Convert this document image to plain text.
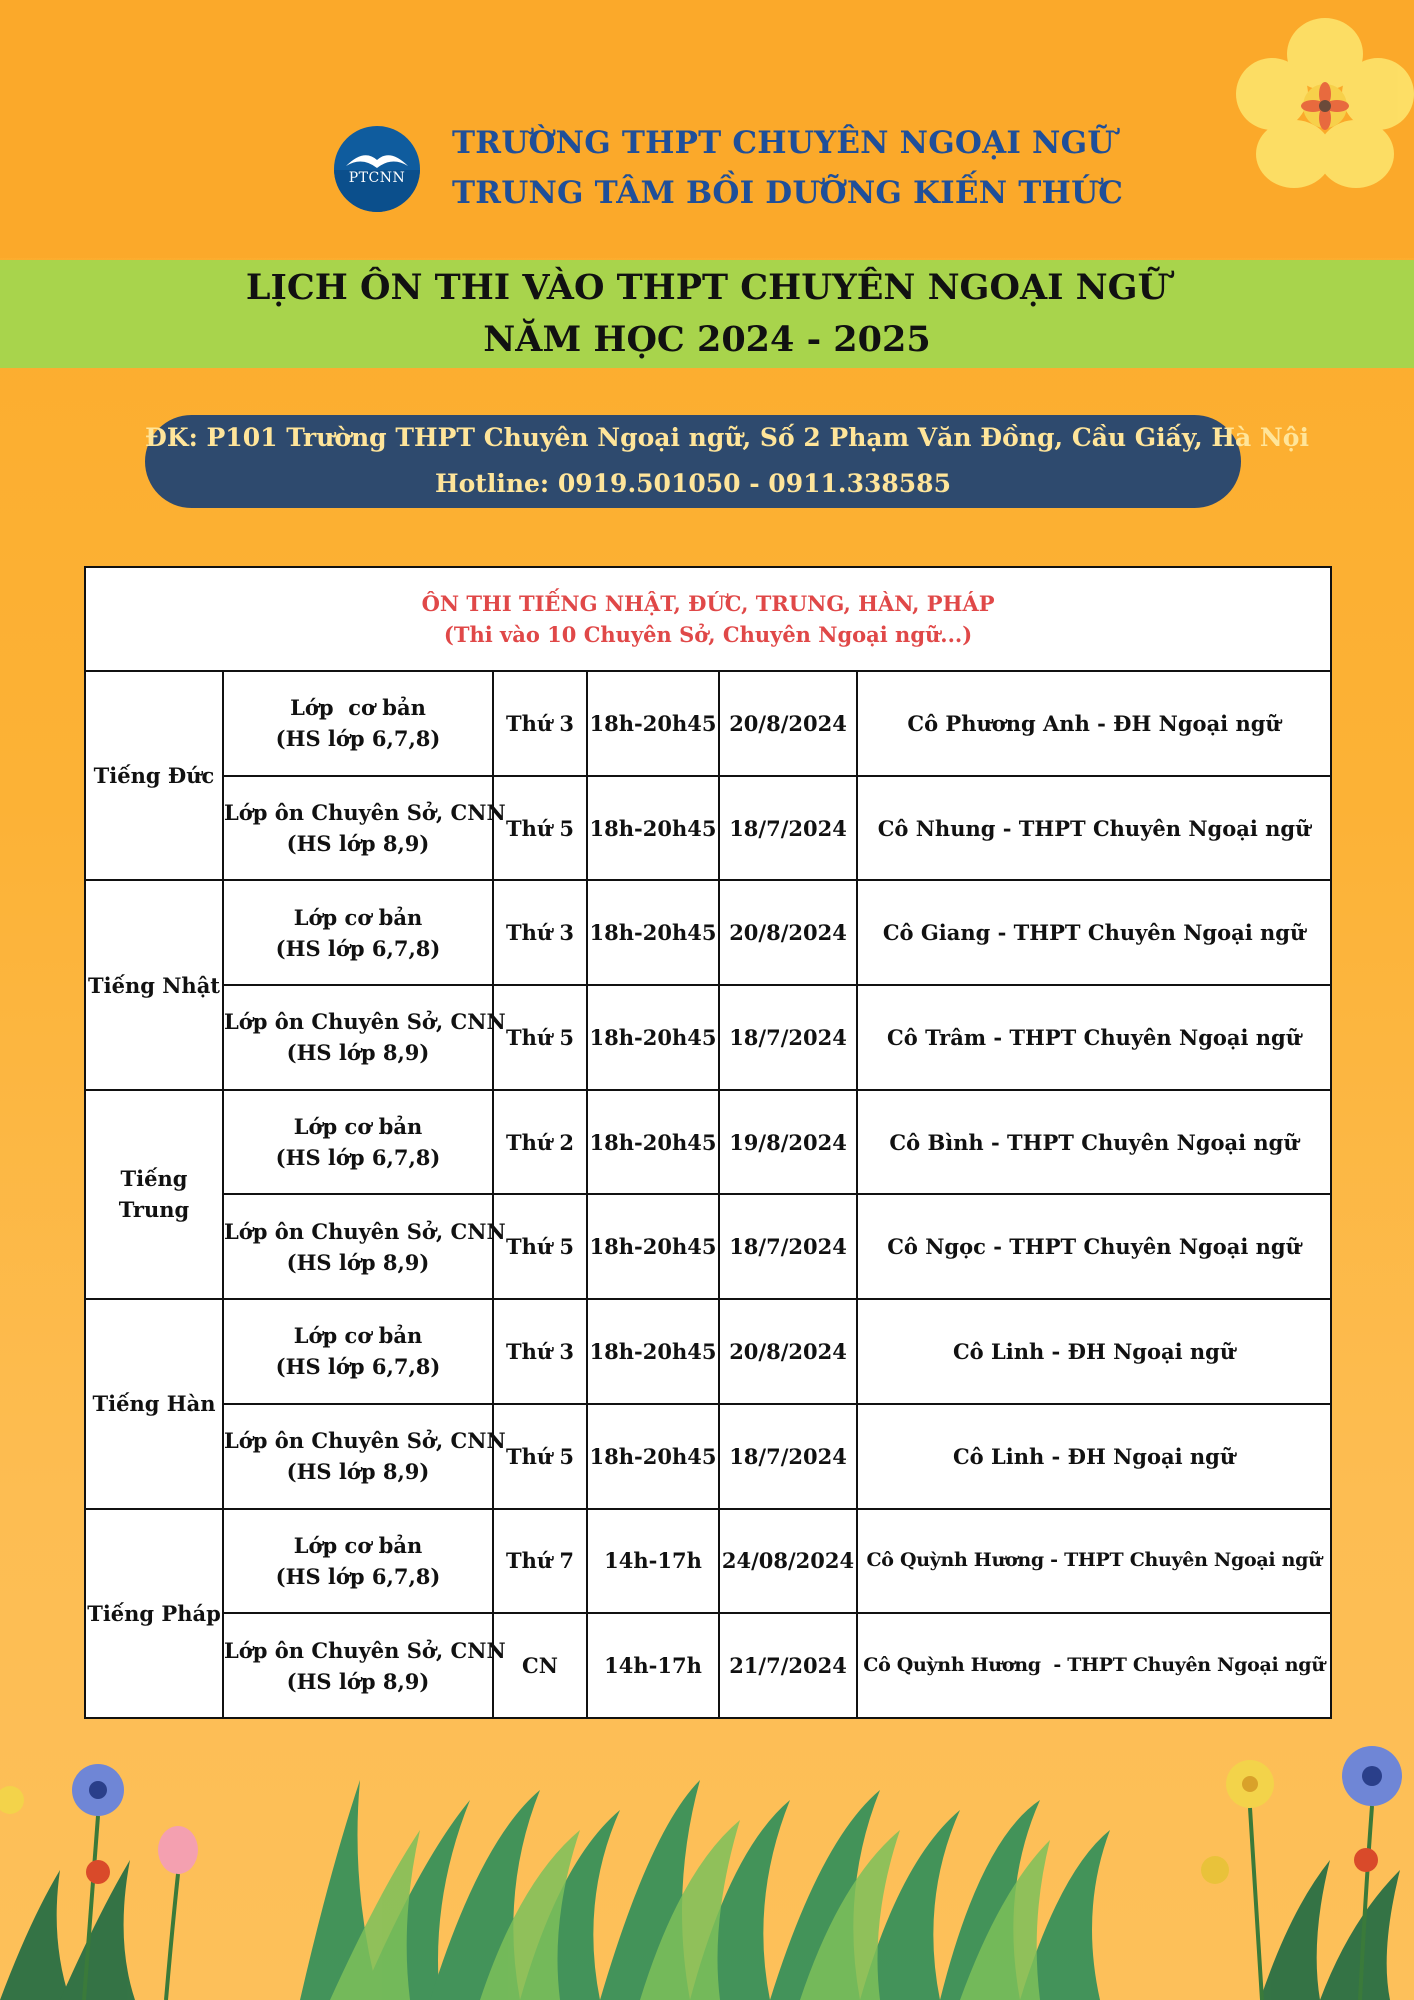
PTCNN
TRƯỜNG THPT CHUYÊN NGOẠI NGỮ
TRUNG TÂM BỒI DƯỠNG KIẾN THỨC
LỊCH ÔN THI VÀO THPT CHUYÊN NGOẠI NGỮ
NĂM HỌC 2024 - 2025
ĐK: P101 Trường THPT Chuyên Ngoại ngữ, Số 2 Phạm Văn Đồng, Cầu Giấy, Hà Nội
Hotline: 0919.501050 - 0911.338585
ÔN THI TIẾNG NHẬT, ĐỨC, TRUNG, HÀN, PHÁP
(Thi vào 10 Chuyên Sở, Chuyên Ngoại ngữ...)					

Tiếng Đức	Lớp  cơ bản
(HS lớp 6,7,8)	Thứ 3	18h-20h45	20/8/2024	Cô Phương Anh - ĐH Ngoại ngữ

	Lớp ôn Chuyên Sở, CNN
(HS lớp 8,9)	Thứ 5	18h-20h45	18/7/2024	Cô Nhung - THPT Chuyên Ngoại ngữ
Tiếng Nhật	Lớp cơ bản
(HS lớp 6,7,8)	Thứ 3	18h-20h45	20/8/2024	Cô Giang - THPT Chuyên Ngoại ngữ

	Lớp ôn Chuyên Sở, CNN
(HS lớp 8,9)	Thứ 5	18h-20h45	18/7/2024	Cô Trâm - THPT Chuyên Ngoại ngữ
Tiếng Trung	Lớp cơ bản
(HS lớp 6,7,8)	Thứ 2	18h-20h45	19/8/2024	Cô Bình - THPT Chuyên Ngoại ngữ

	Lớp ôn Chuyên Sở, CNN
(HS lớp 8,9)	Thứ 5	18h-20h45	18/7/2024	Cô Ngọc - THPT Chuyên Ngoại ngữ
Tiếng Hàn	Lớp cơ bản
(HS lớp 6,7,8)	Thứ 3	18h-20h45	20/8/2024	Cô Linh - ĐH Ngoại ngữ

	Lớp ôn Chuyên Sở, CNN
(HS lớp 8,9)	Thứ 5	18h-20h45	18/7/2024	Cô Linh - ĐH Ngoại ngữ
Tiếng Pháp	Lớp cơ bản
(HS lớp 6,7,8)	Thứ 7	14h-17h	24/08/2024	Cô Quỳnh Hương - THPT Chuyên Ngoại ngữ

	Lớp ôn Chuyên Sở, CNN
(HS lớp 8,9)	CN	14h-17h	21/7/2024	Cô Quỳnh Hương  - THPT Chuyên Ngoại ngữ
